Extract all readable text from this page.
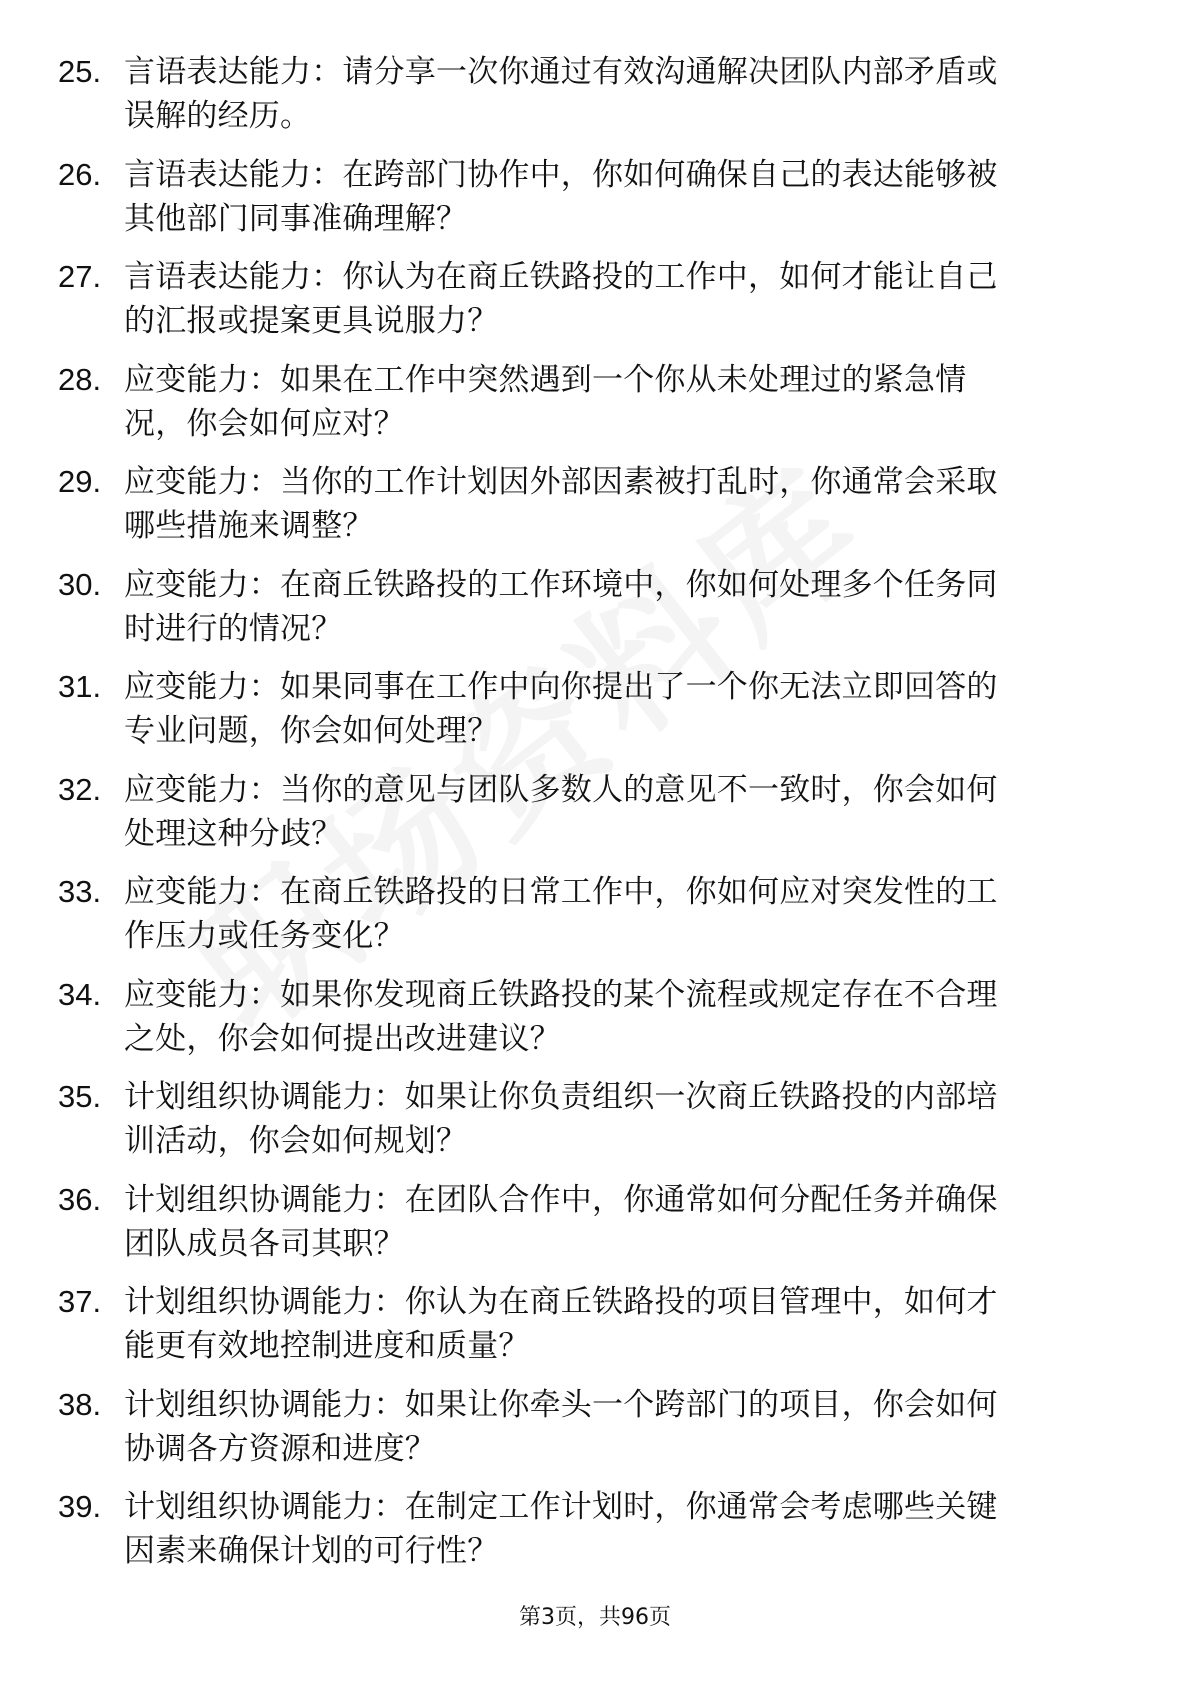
25. 言语表达能力：请分享一次你通过有效沟通解决团队内部矛盾或
误解的经历。
26. 言语表达能力：在跨部门协作中，你如何确保自己的表达能够被
其他部门同事准确理解？
27. 言语表达能力：你认为在商丘铁路投的工作中，如何才能让自己
的汇报或提案更具说服力？
28. 应变能力：如果在工作中突然遇到一个你从未处理过的紧急情
况，你会如何应对？
29. 应变能力：当你的工作计划因外部因素被打乱时，你通常会采取
哪些措施来调整？
30. 应变能力：在商丘铁路投的工作环境中，你如何处理多个任务同
时进行的情况？
31. 应变能力：如果同事在工作中向你提出了一个你无法立即回答的
专业问题，你会如何处理？
32. 应变能力：当你的意见与团队多数人的意见不一致时，你会如何
处理这种分歧？
33. 应变能力：在商丘铁路投的日常工作中，你如何应对突发性的工
作压力或任务变化？
34. 应变能力：如果你发现商丘铁路投的某个流程或规定存在不合理
之处，你会如何提出改进建议？
35. 计划组织协调能力：如果让你负责组织一次商丘铁路投的内部培
训活动，你会如何规划？
36. 计划组织协调能力：在团队合作中，你通常如何分配任务并确保
团队成员各司其职？
37. 计划组织协调能力：你认为在商丘铁路投的项目管理中，如何才
能更有效地控制进度和质量？
38. 计划组织协调能力：如果让你牵头一个跨部门的项目，你会如何
协调各方资源和进度？
39. 计划组织协调能力：在制定工作计划时，你通常会考虑哪些关键
因素来确保计划的可行性？
第3页，共96页
